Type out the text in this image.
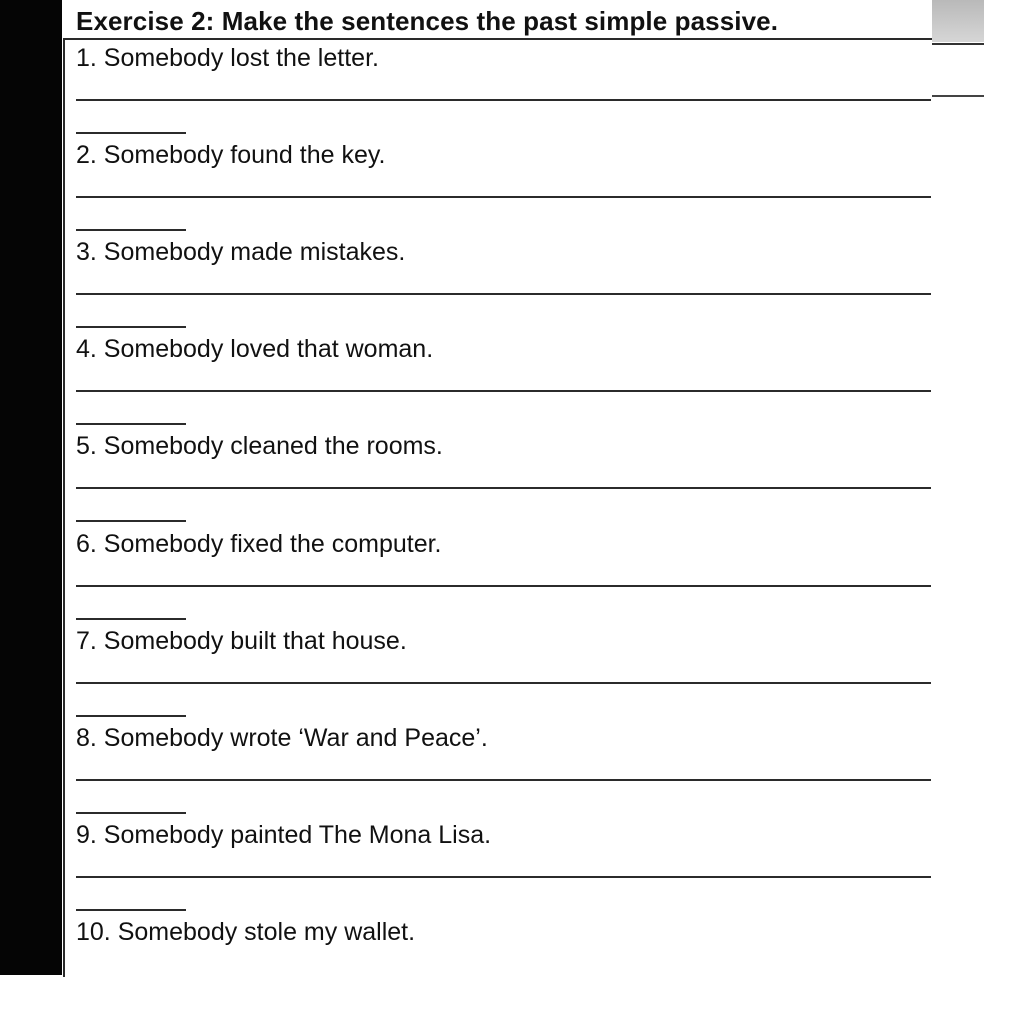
Exercise 2: Make the sentences the past simple passive.
1. Somebody lost the letter.
2. Somebody found the key.
3. Somebody made mistakes.
4. Somebody loved that woman.
5. Somebody cleaned the rooms.
6. Somebody fixed the computer.
7. Somebody built that house.
8. Somebody wrote ‘War and Peace’.
9. Somebody painted The Mona Lisa.
10. Somebody stole my wallet.
